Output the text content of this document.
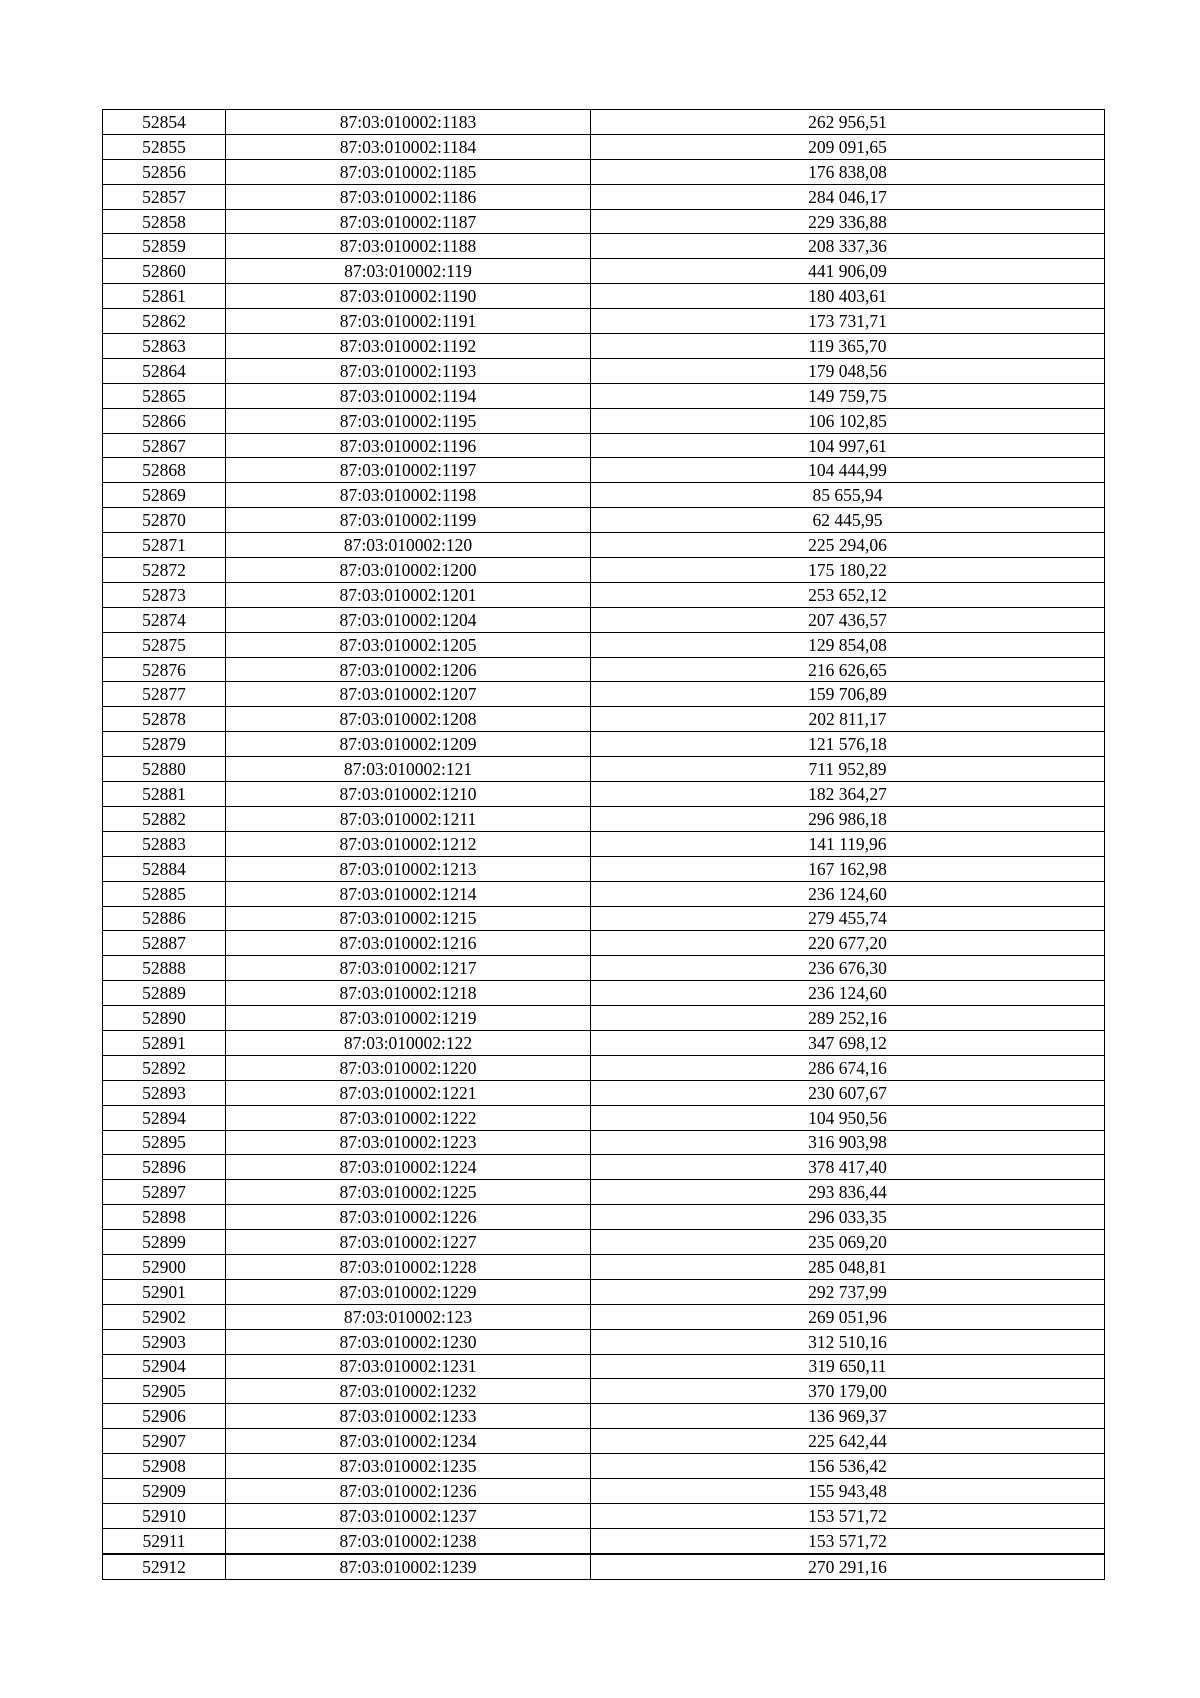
52854	87:03:010002:1183	262 956,51
52855	87:03:010002:1184	209 091,65
52856	87:03:010002:1185	176 838,08
52857	87:03:010002:1186	284 046,17
52858	87:03:010002:1187	229 336,88
52859	87:03:010002:1188	208 337,36
52860	87:03:010002:119	441 906,09
52861	87:03:010002:1190	180 403,61
52862	87:03:010002:1191	173 731,71
52863	87:03:010002:1192	119 365,70
52864	87:03:010002:1193	179 048,56
52865	87:03:010002:1194	149 759,75
52866	87:03:010002:1195	106 102,85
52867	87:03:010002:1196	104 997,61
52868	87:03:010002:1197	104 444,99
52869	87:03:010002:1198	85 655,94
52870	87:03:010002:1199	62 445,95
52871	87:03:010002:120	225 294,06
52872	87:03:010002:1200	175 180,22
52873	87:03:010002:1201	253 652,12
52874	87:03:010002:1204	207 436,57
52875	87:03:010002:1205	129 854,08
52876	87:03:010002:1206	216 626,65
52877	87:03:010002:1207	159 706,89
52878	87:03:010002:1208	202 811,17
52879	87:03:010002:1209	121 576,18
52880	87:03:010002:121	711 952,89
52881	87:03:010002:1210	182 364,27
52882	87:03:010002:1211	296 986,18
52883	87:03:010002:1212	141 119,96
52884	87:03:010002:1213	167 162,98
52885	87:03:010002:1214	236 124,60
52886	87:03:010002:1215	279 455,74
52887	87:03:010002:1216	220 677,20
52888	87:03:010002:1217	236 676,30
52889	87:03:010002:1218	236 124,60
52890	87:03:010002:1219	289 252,16
52891	87:03:010002:122	347 698,12
52892	87:03:010002:1220	286 674,16
52893	87:03:010002:1221	230 607,67
52894	87:03:010002:1222	104 950,56
52895	87:03:010002:1223	316 903,98
52896	87:03:010002:1224	378 417,40
52897	87:03:010002:1225	293 836,44
52898	87:03:010002:1226	296 033,35
52899	87:03:010002:1227	235 069,20
52900	87:03:010002:1228	285 048,81
52901	87:03:010002:1229	292 737,99
52902	87:03:010002:123	269 051,96
52903	87:03:010002:1230	312 510,16
52904	87:03:010002:1231	319 650,11
52905	87:03:010002:1232	370 179,00
52906	87:03:010002:1233	136 969,37
52907	87:03:010002:1234	225 642,44
52908	87:03:010002:1235	156 536,42
52909	87:03:010002:1236	155 943,48
52910	87:03:010002:1237	153 571,72
52911	87:03:010002:1238	153 571,72
52912	87:03:010002:1239	270 291,16
